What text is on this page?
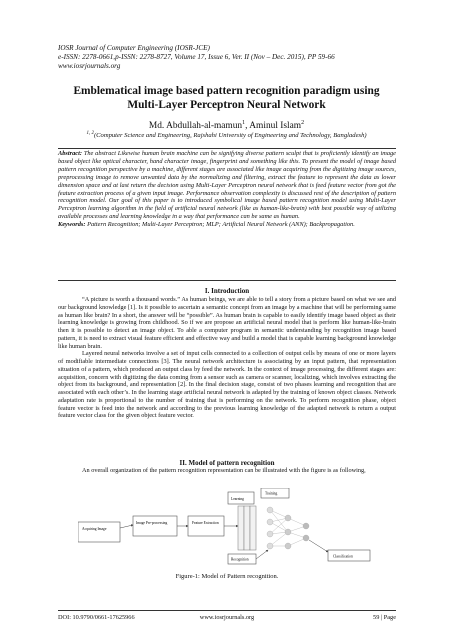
IOSR Journal of Computer Engineering (IOSR-JCE)
e-ISSN: 2278-0661,p-ISSN: 2278-8727, Volume 17, Issue 6, Ver. II (Nov – Dec. 2015), PP 59-66
www.iosrjournals.org
Emblematical image based pattern recognition paradigm using
Multi-Layer Perceptron Neural Network
Md. Abdullah-al-mamun$^1$, Aminul Islam$^2$
$^{1, 2}$(Computer Science and Engineering, Rajshahi University of Engineering and Technology, Bangladesh)
Abstract: The abstract Likewise human brain machine can be signifying diverse pattern sculpt that is proficiently identify an image based object like optical character, hand character image, fingerprint and something like this. To present the model of image based pattern recognition perspective by a machine, different stages are associated like image acquiring from the digitizing image sources, preprocessing image to remove unwanted data by the normalizing and filtering, extract the feature to represent the data as lower dimension space and at last return the decision using Multi-Layer Perceptron neural network that is feed feature vector from got the feature extraction process of a given input image. Performance observation complexity is discussed rest of the description of pattern recognition model. Our goal of this paper is to introduced symbolical image based pattern recognition model using Multi-Layer Perceptron learning algorithm in the field of artificial neural network (like as human-like-brain) with best possible way of utilizing available processes and learning knowledge in a way that performance can be same as human.
Keywords: Pattern Recognition; Multi-Layer Perceptron; MLP; Artificial Neural Network (ANN); Backpropagation.
I. Introduction

“A picture is worth a thousand words.” As human beings, we are able to tell a story from a picture based on what we see and our background knowledge [1]. Is it possible to ascertain a semantic concept from an image by a machine that will be performing same as human like brain? In a short, the answer will be “possible”. As human brain is capable to easily identify image based object as their learning knowledge is growing from childhood. So if we are propose an artificial neural model that is perform like human-like-brain then it is possible to detect an image object. To able a computer program in semantic understanding by recognition image based pattern, it is need to extract visual feature efficient and effective way and build a model that is capable learning background knowledge like human brain.

Layered neural networks involve a set of input cells connected to a collection of output cells by means of one or more layers of modifiable intermediate connections [3]. The neural network architecture is associating by an input pattern, that representation situation of a pattern, which produced an output class by feed the network. In the context of image processing, the different stages are: acquisition, concern with digitizing the data coming from a sensor such as camera or scanner, localizing, which involves extracting the object from its background, and representation [2]. In the final decision stage, consist of two phases learning and recognition that are associated with each other’s. In the learning stage artificial neural network is adapted by the training of known object classes. Network adaptation rate is proportional to the number of training that is performing on the network. To perform recognition phase, object feature vector is feed into the network and according to the previous learning knowledge of the adapted network is return a output feature vector class for the given object feature vector.

II. Model of pattern recognition

An overall organization of the pattern recognition representation can be illustrated with the figure is as following,

Acquiring Image
Image Pre-processing	Feature Extraction
Learning
Training
Recognition
Classification
Figure-1: Model of Pattern recognition.
DOI: 10.9790/0661-17625966	www.iosrjournals.org	59 | Page
